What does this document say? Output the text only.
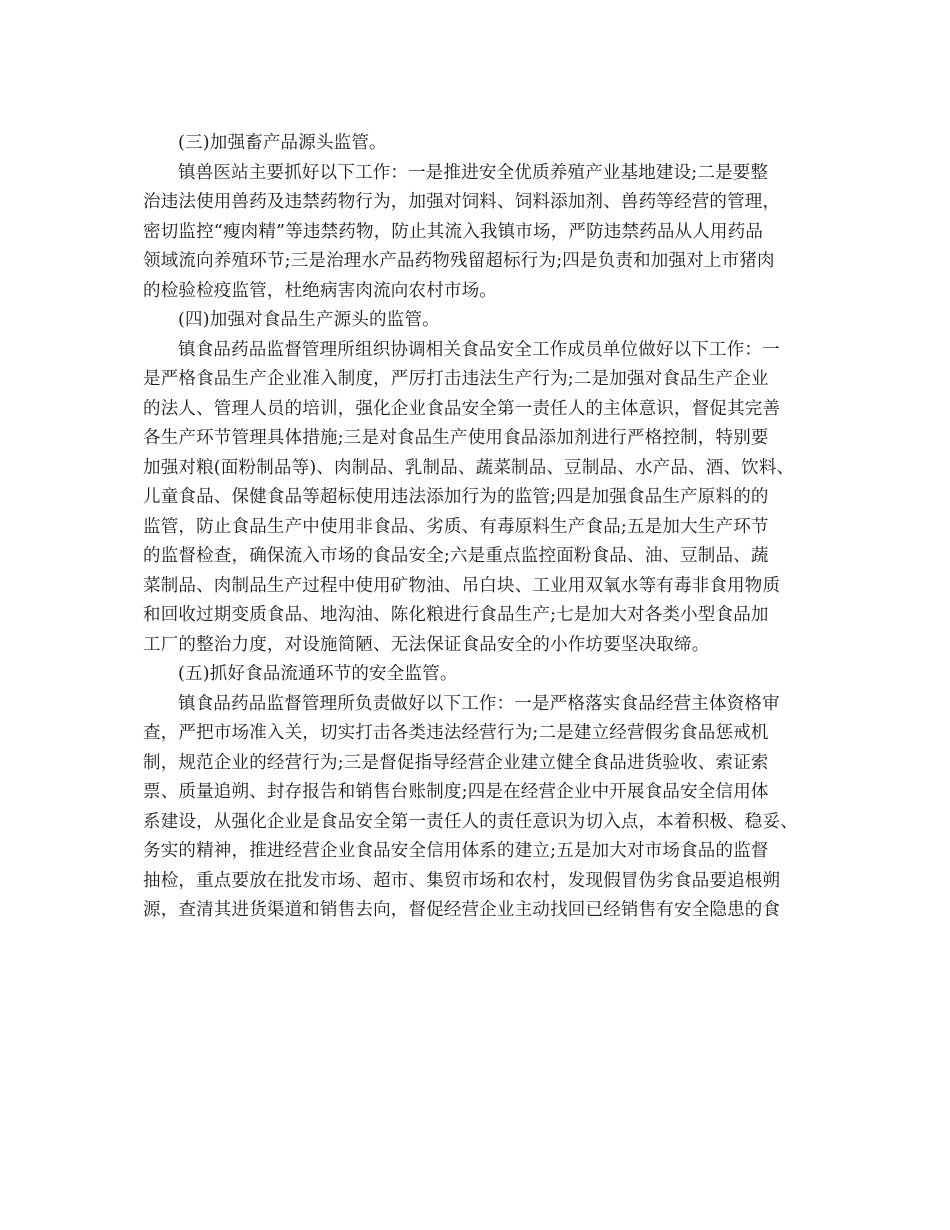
(三)加强畜产品源头监管。
镇兽医站主要抓好以下工作：一是推进安全优质养殖产业基地建设;二是要整
治违法使用兽药及违禁药物行为，加强对饲料、饲料添加剂、兽药等经营的管理，
密切监控“瘦肉精”等违禁药物，防止其流入我镇市场，严防违禁药品从人用药品
领域流向养殖环节;三是治理水产品药物残留超标行为;四是负责和加强对上市猪肉
的检验检疫监管，杜绝病害肉流向农村市场。
(四)加强对食品生产源头的监管。
镇食品药品监督管理所组织协调相关食品安全工作成员单位做好以下工作：一
是严格食品生产企业准入制度，严厉打击违法生产行为;二是加强对食品生产企业
的法人、管理人员的培训，强化企业食品安全第一责任人的主体意识，督促其完善
各生产环节管理具体措施;三是对食品生产使用食品添加剂进行严格控制，特别要
加强对粮(面粉制品等)、肉制品、乳制品、蔬菜制品、豆制品、水产品、酒、饮料、
儿童食品、保健食品等超标使用违法添加行为的监管;四是加强食品生产原料的的
监管，防止食品生产中使用非食品、劣质、有毒原料生产食品;五是加大生产环节
的监督检查，确保流入市场的食品安全;六是重点监控面粉食品、油、豆制品、蔬
菜制品、肉制品生产过程中使用矿物油、吊白块、工业用双氧水等有毒非食用物质
和回收过期变质食品、地沟油、陈化粮进行食品生产;七是加大对各类小型食品加
工厂的整治力度，对设施简陋、无法保证食品安全的小作坊要坚决取缔。
(五)抓好食品流通环节的安全监管。
镇食品药品监督管理所负责做好以下工作：一是严格落实食品经营主体资格审
查，严把市场准入关，切实打击各类违法经营行为;二是建立经营假劣食品惩戒机
制，规范企业的经营行为;三是督促指导经营企业建立健全食品进货验收、索证索
票、质量追朔、封存报告和销售台账制度;四是在经营企业中开展食品安全信用体
系建设，从强化企业是食品安全第一责任人的责任意识为切入点，本着积极、稳妥、
务实的精神，推进经营企业食品安全信用体系的建立;五是加大对市场食品的监督
抽检，重点要放在批发市场、超市、集贸市场和农村，发现假冒伪劣食品要追根朔
源，查清其进货渠道和销售去向，督促经营企业主动找回已经销售有安全隐患的食
